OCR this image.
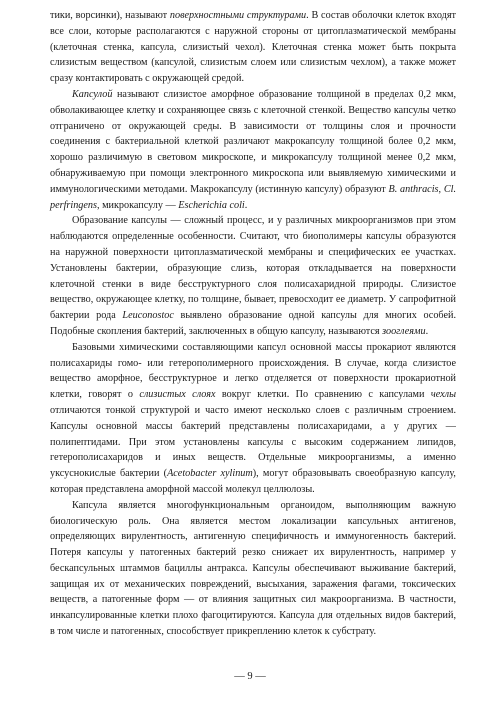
тики, ворсинки), называют поверхностными структурами. В состав оболочки клеток входят все слои, которые располагаются с наружной стороны от цитоплазматической мембраны (клеточная стенка, капсула, слизистый чехол). Клеточная стенка может быть покрыта слизистым веществом (капсулой, слизистым слоем или слизистым чехлом), а также может сразу контактировать с окружающей средой.

Капсулой называют слизистое аморфное образование толщиной в пределах 0,2 мкм, обволакивающее клетку и сохраняющее связь с клеточной стенкой. Вещество капсулы четко отграничено от окружающей среды. В зависимости от толщины слоя и прочности соединения с бактериальной клеткой различают макрокапсулу толщиной более 0,2 мкм, хорошо различимую в световом микроскопе, и микрокапсулу толщиной менее 0,2 мкм, обнаруживаемую при помощи электронного микроскопа или выявляемую химическими и иммунологическими методами. Макрокапсулу (истинную капсулу) образуют B. anthracis, Cl. perfringens, микрокапсулу — Escherichia coli.

Образование капсулы — сложный процесс, и у различных микроорганизмов при этом наблюдаются определенные особенности. Считают, что биополимеры капсулы образуются на наружной поверхности цитоплазматической мембраны и специфических ее участках. Установлены бактерии, образующие слизь, которая откладывается на поверхности клеточной стенки в виде бесструктурного слоя полисахаридной природы. Слизистое вещество, окружающее клетку, по толщине, бывает, превосходит ее диаметр. У сапрофитной бактерии рода Leuconostoc выявлено образование одной капсулы для многих особей. Подобные скопления бактерий, заключенных в общую капсулу, называются зооглеями.

Базовыми химическими составляющими капсул основной массы прокариот являются полисахариды гомо- или гетерополимерного происхождения. В случае, когда слизистое вещество аморфное, бесструктурное и легко отделяется от поверхности прокариотной клетки, говорят о слизистых слоях вокруг клетки. По сравнению с капсулами чехлы отличаются тонкой структурой и часто имеют несколько слоев с различным строением. Капсулы основной массы бактерий представлены полисахаридами, а у других — полипептидами. При этом установлены капсулы с высоким содержанием липидов, гетерополисахаридов и иных веществ. Отдельные микроорганизмы, а именно уксуснокислые бактерии (Acetobacter xylinum), могут образовывать своеобразную капсулу, которая представлена аморфной массой молекул целлюлозы.

Капсула является многофункциональным органоидом, выполняющим важную биологическую роль. Она является местом локализации капсульных антигенов, определяющих вирулентность, антигенную специфичность и иммуногенность бактерий. Потеря капсулы у патогенных бактерий резко снижает их вирулентность, например у бескапсульных штаммов бациллы антракса. Капсулы обеспечивают выживание бактерий, защищая их от механических повреждений, высыхания, заражения фагами, токсических веществ, а патогенные форм — от влияния защитных сил макроорганизма. В частности, инкапсулированные клетки плохо фагоцитируются. Капсула для отдельных видов бактерий, в том числе и патогенных, способствует прикреплению клеток к субстрату.

— 9 —
